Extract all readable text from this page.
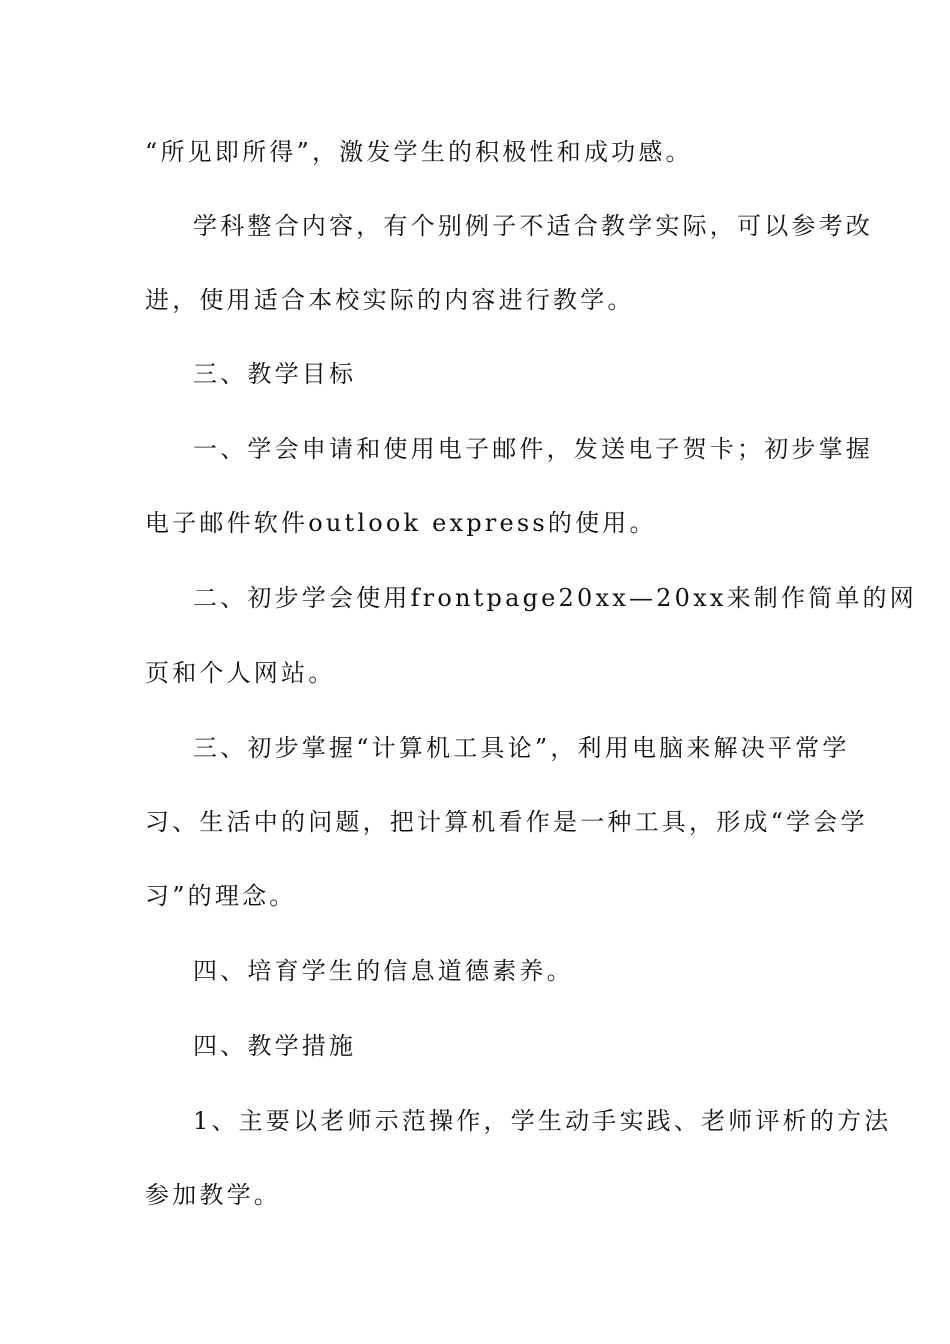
“所见即所得”，激发学生的积极性和成功感。
学科整合内容，有个别例子不适合教学实际，可以参考改
进，使用适合本校实际的内容进行教学。
三、教学目标
一、学会申请和使用电子邮件，发送电子贺卡；初步掌握
电子邮件软件outlook express的使用。
二、初步学会使用frontpage20xx—20xx来制作简单的网
页和个人网站。
三、初步掌握“计算机工具论”，利用电脑来解决平常学
习、生活中的问题，把计算机看作是一种工具，形成“学会学
习”的理念。
四、培育学生的信息道德素养。
四、教学措施
1、主要以老师示范操作，学生动手实践、老师评析的方法
参加教学。
